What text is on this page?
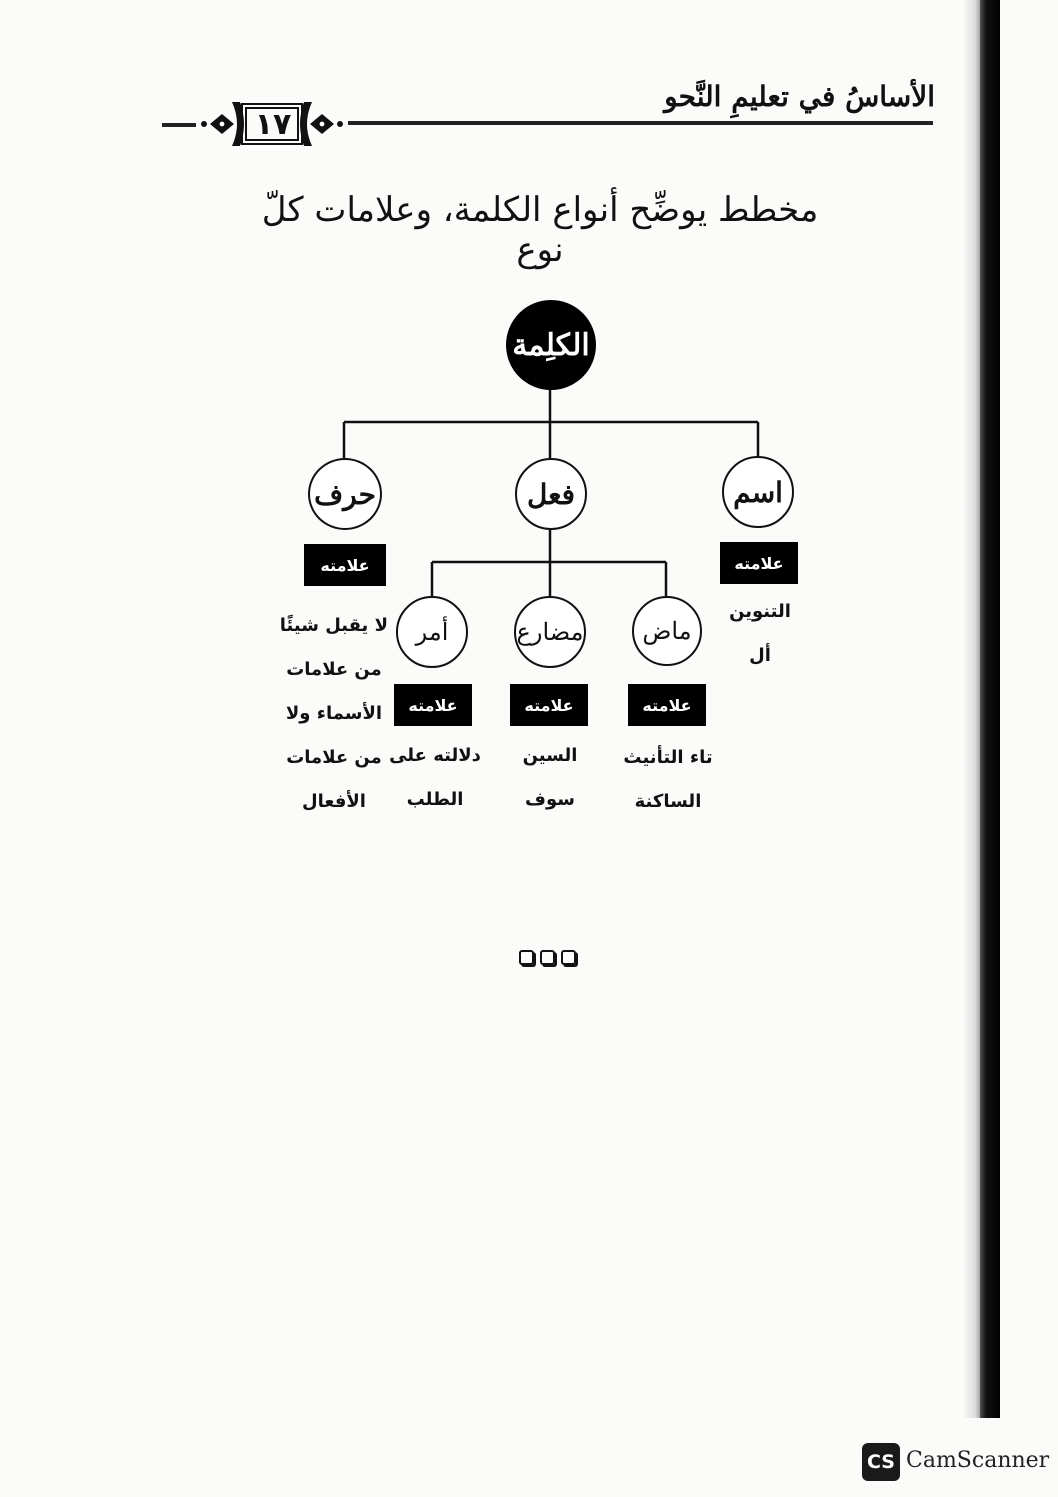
الأساسُ في تعليمِ النَّحو
١٧
مخطط يوضِّح أنواع الكلمة، وعلامات كلّ نوع
الكلِمة
اسم
فعل
حرف
علامته
علامته
التنوين
أل
لا يقبل شيئًا
من علامات
الأسماء ولا
من علامات
الأفعال
ماض
مضارع
أمر
علامته
علامته
علامته
تاء التأنيث
الساكنة
السين
سوف
دلالته على
الطلب
CS CamScanner
